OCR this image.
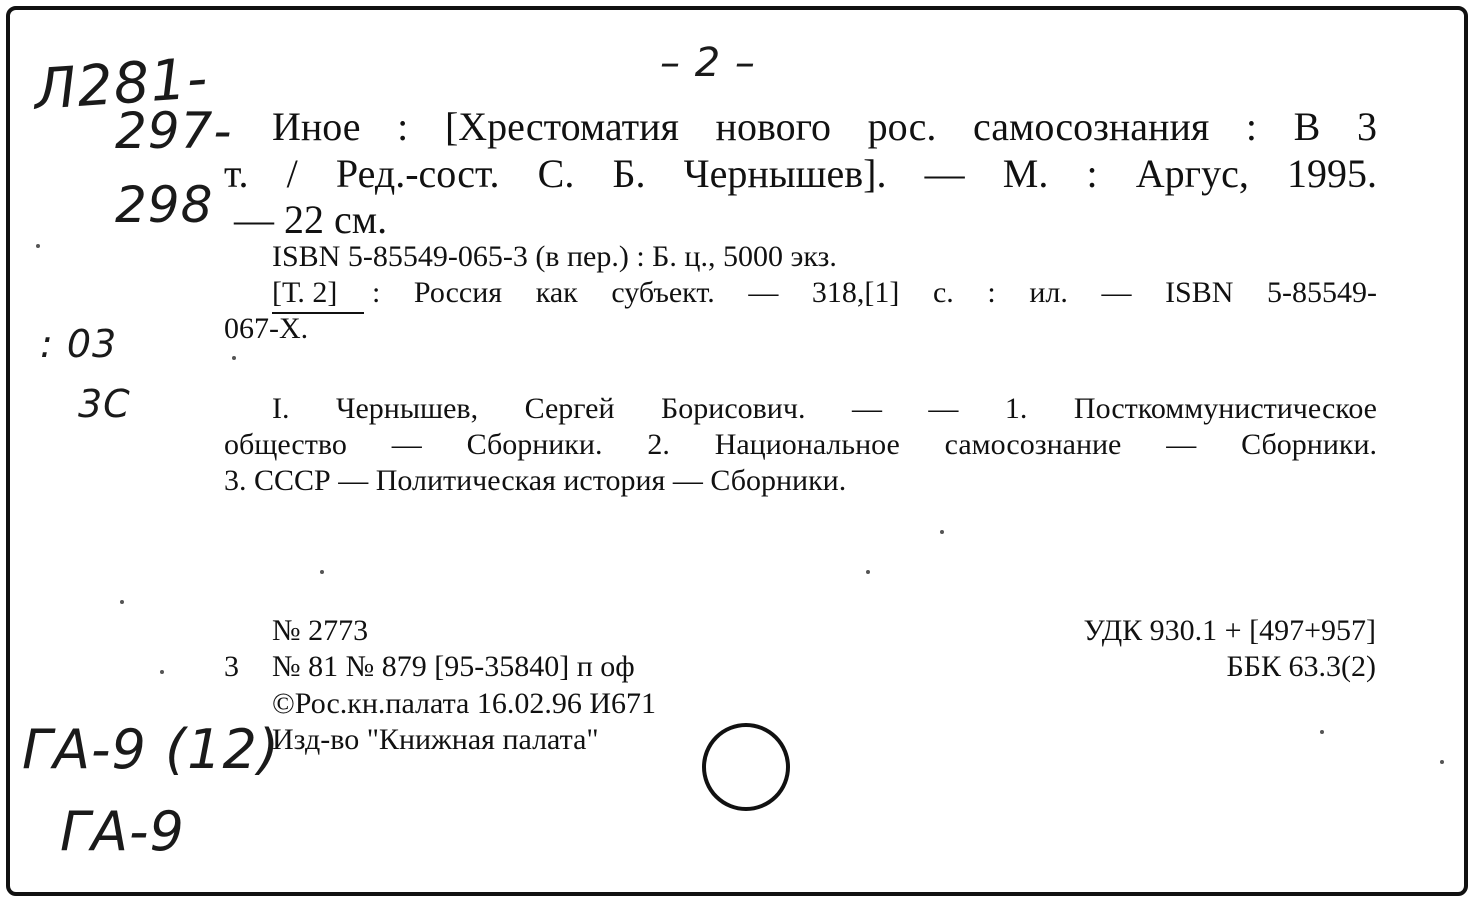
Л281-
297-
298
– 2 –
: 03
3С
ГА-9 (12)
ГА-9
Иное : [Хрестоматия нового рос. самосознания : В 3
т. / Ред.-сост. С. Б. Чернышев]. — М. : Аргус, 1995.
— 22 см.
ISBN 5-85549-065-3 (в пер.) : Б. ц., 5000 экз.
[Т. 2] : Россия как субъект. — 318,[1] с. : ил. — ISBN 5-85549-
067-Х.
I. Чернышев, Сергей Борисович. — — 1. Посткоммунистическое
общество — Сборники. 2. Национальное самосознание — Сборники.
3. СССР — Политическая история — Сборники.
№ 2773
3 № 81 № 879 [95-35840] п оф
©Рос.кн.палата 16.02.96 И671
Изд-во "Книжная палата"
УДК 930.1 + [497+957]
ББК 63.3(2)
